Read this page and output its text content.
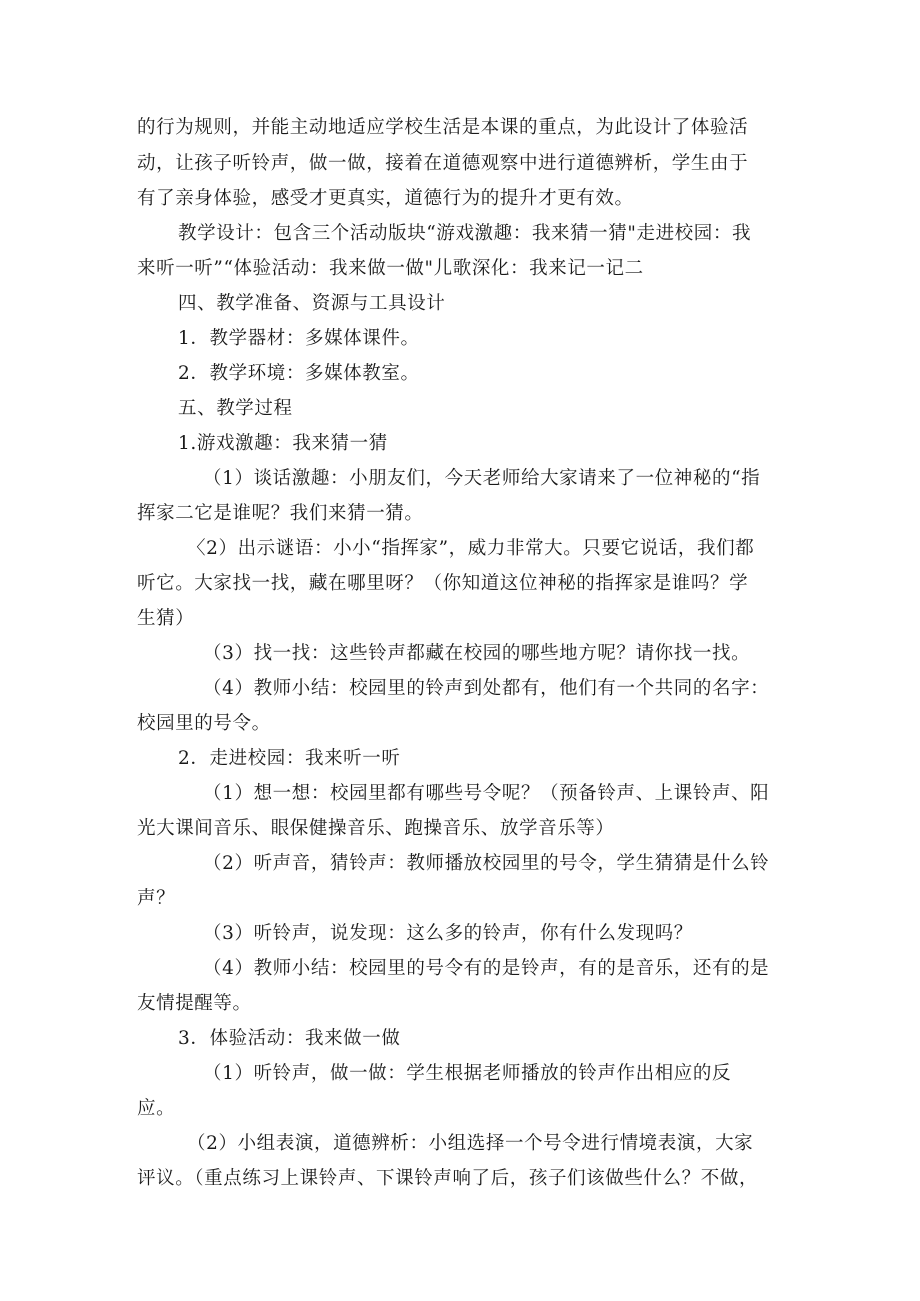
的行为规则，并能主动地适应学校生活是本课的重点，为此设计了体验活
动，让孩子听铃声，做一做，接着在道德观察中进行道德辨析，学生由于
有了亲身体验，感受才更真实，道德行为的提升才更有效。
教学设计：包含三个活动版块“游戏激趣：我来猜一猜"走进校园：我
来听一听”“体验活动：我来做一做"儿歌深化：我来记一记二
四、教学准备、资源与工具设计
1．教学器材：多媒体课件。
2．教学环境：多媒体教室。
五、教学过程
1.游戏激趣：我来猜一猜
（1）谈话激趣：小朋友们，今天老师给大家请来了一位神秘的“指
挥家二它是谁呢？我们来猜一猜。
〈2）出示谜语：小小“指挥家”，威力非常大。只要它说话，我们都
听它。大家找一找，藏在哪里呀？（你知道这位神秘的指挥家是谁吗？学
生猜）
（3）找一找：这些铃声都藏在校园的哪些地方呢？请你找一找。
（4）教师小结：校园里的铃声到处都有，他们有一个共同的名字：
校园里的号令。
2．走进校园：我来听一听
（1）想一想：校园里都有哪些号令呢？（预备铃声、上课铃声、阳
光大课间音乐、眼保健操音乐、跑操音乐、放学音乐等）
（2）听声音，猜铃声：教师播放校园里的号令，学生猜猜是什么铃
声？
（3）听铃声，说发现：这么多的铃声，你有什么发现吗？
（4）教师小结：校园里的号令有的是铃声，有的是音乐，还有的是
友情提醒等。
3．体验活动：我来做一做
（1）听铃声，做一做：学生根据老师播放的铃声作出相应的反
应。
（2）小组表演，道德辨析：小组选择一个号令进行情境表演，大家
评议。（重点练习上课铃声、下课铃声响了后，孩子们该做些什么？不做，
